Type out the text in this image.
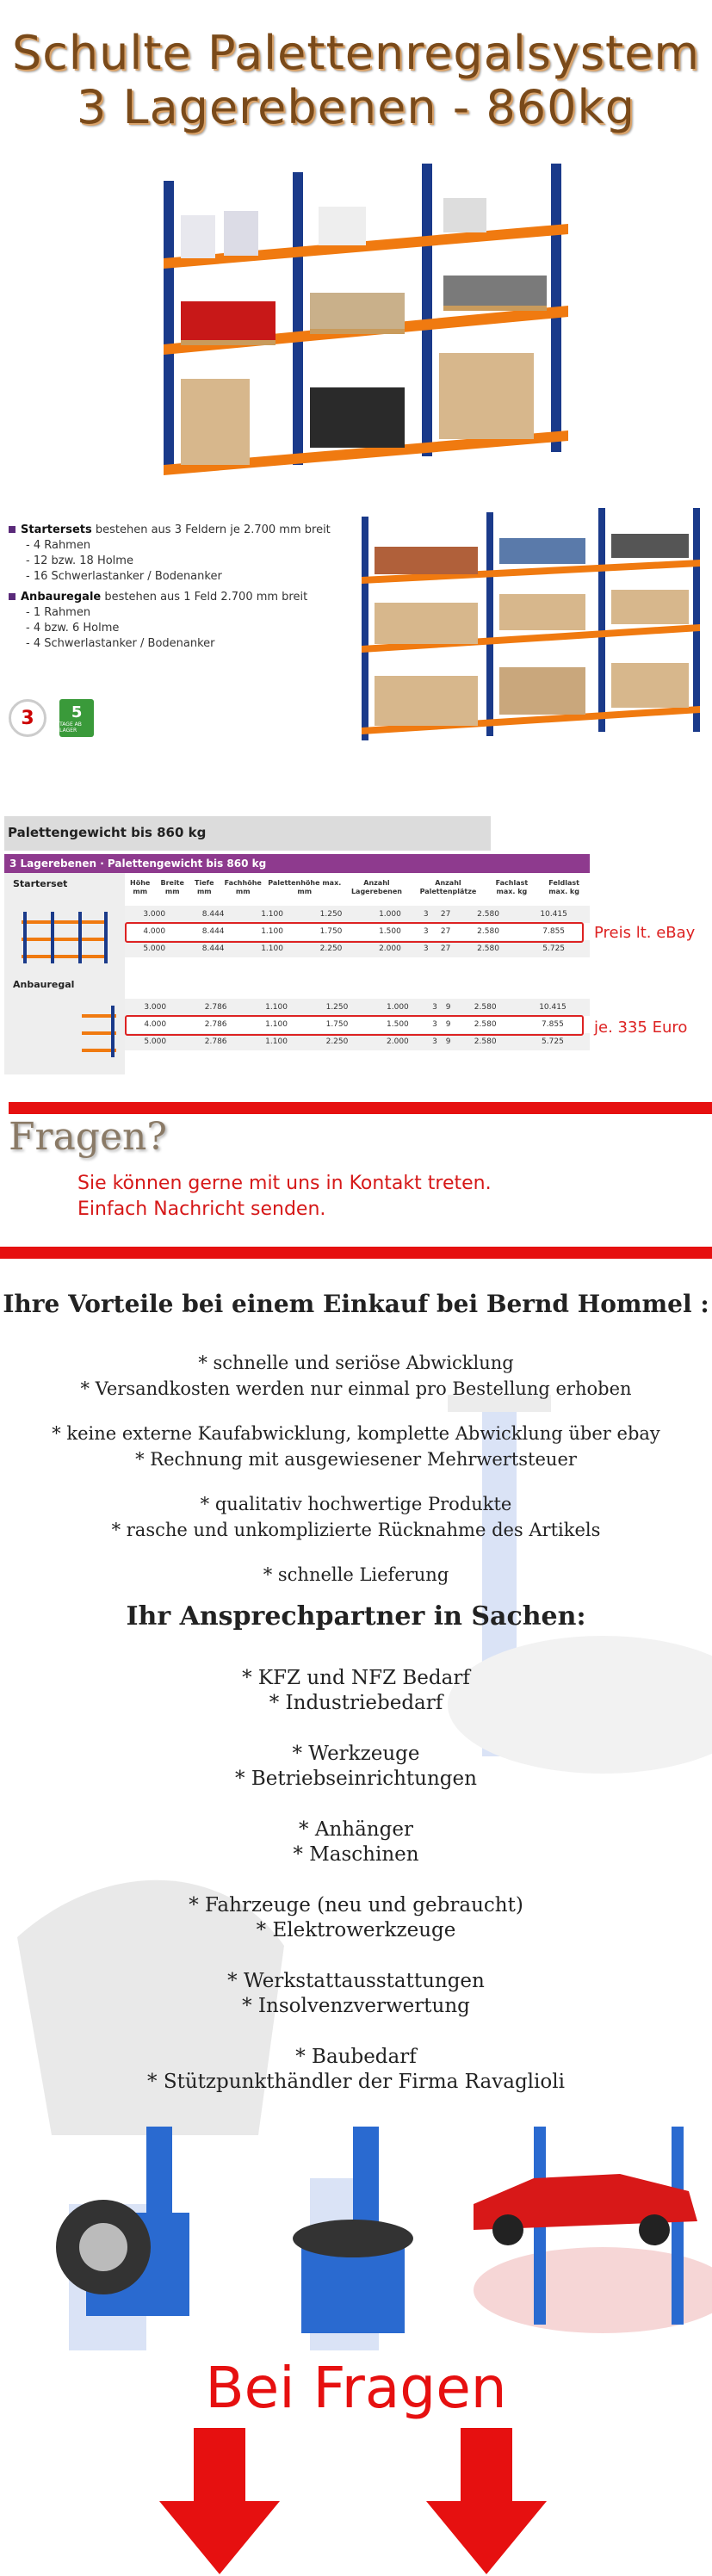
Schulte Palettenregalsystem
3 Lagerebenen - 860kg
Startersets bestehen aus 3 Feldern je 2.700 mm breit
- 4 Rahmen
- 12 bzw. 18 Holme
- 16 Schwerlastanker / Bodenanker
Anbauregale bestehen aus 1 Feld 2.700 mm breit
- 1 Rahmen
- 4 bzw. 6 Holme
- 4 Schwerlastanker / Bodenanker
3
5
TAGE AB LAGER
Palettengewicht bis 860 kg
3 Lagerebenen · Palettengewicht bis 860 kg
Starterset
Anbauregal
Höhe mm	Breite mm	Tiefe mm	Fachhöhe mm	Palettenhöhe max. mm	Anzahl Lagerebenen	Anzahl Palettenplätze	Fachlast max. kg	Feldlast max. kg
3.000	8.444	1.100	1.250	1.000	3	27	2.580	10.415
4.000	8.444	1.100	1.750	1.500	3	27	2.580	7.855
5.000	8.444	1.100	2.250	2.000	3	27	2.580	5.725
Preis lt. eBay
3.000	2.786	1.100	1.250	1.000	3	9	2.580	10.415
4.000	2.786	1.100	1.750	1.500	3	9	2.580	7.855
5.000	2.786	1.100	2.250	2.000	3	9	2.580	5.725
je. 335 Euro
Fragen?
Sie können gerne mit uns in Kontakt treten.
Einfach Nachricht senden.
Ihre Vorteile bei einem Einkauf bei Bernd Hommel :
* schnelle und seriöse Abwicklung
* Versandkosten werden nur einmal pro Bestellung erhoben
* keine externe Kaufabwicklung, komplette Abwicklung über ebay
* Rechnung mit ausgewiesener Mehrwertsteuer
* qualitativ hochwertige Produkte
* rasche und unkomplizierte Rücknahme des Artikels
* schnelle Lieferung
Ihr Ansprechpartner in Sachen:
* KFZ und NFZ Bedarf
* Industriebedarf
* Werkzeuge
* Betriebseinrichtungen
* Anhänger
* Maschinen
* Fahrzeuge (neu und gebraucht)
* Elektrowerkzeuge
* Werkstattausstattungen
* Insolvenzverwertung
* Baubedarf
* Stützpunkthändler der Firma Ravaglioli
Bei Fragen
